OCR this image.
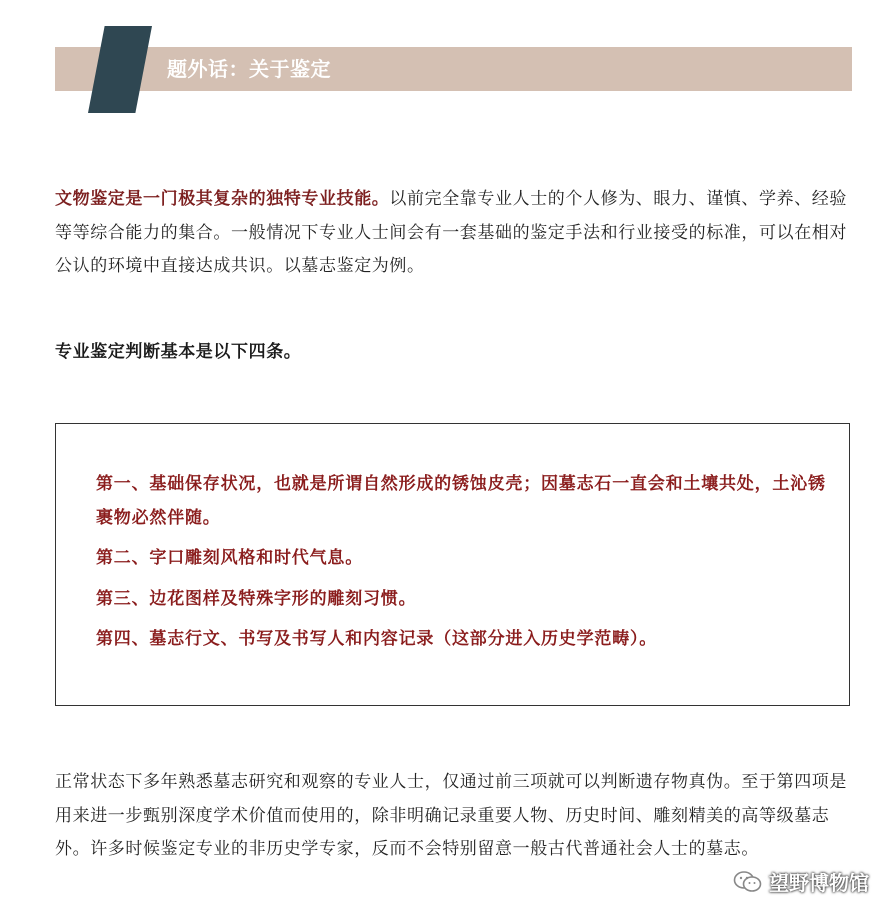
题外话：关于鉴定

文物鉴定是一门极其复杂的独特专业技能。以前完全靠专业人士的个人修为、眼力、谨慎、学养、经验等等综合能力的集合。一般情况下专业人士间会有一套基础的鉴定手法和行业接受的标准，可以在相对公认的环境中直接达成共识。以墓志鉴定为例。

专业鉴定判断基本是以下四条。

第一、基础保存状况，也就是所谓自然形成的锈蚀皮壳；因墓志石一直会和土壤共处，土沁锈裹物必然伴随。
第二、字口雕刻风格和时代气息。
第三、边花图样及特殊字形的雕刻习惯。
第四、墓志行文、书写及书写人和内容记录（这部分进入历史学范畴）。

正常状态下多年熟悉墓志研究和观察的专业人士，仅通过前三项就可以判断遗存物真伪。至于第四项是用来进一步甄别深度学术价值而使用的，除非明确记录重要人物、历史时间、雕刻精美的高等级墓志外。许多时候鉴定专业的非历史学专家，反而不会特别留意一般古代普通社会人士的墓志。

望野博物馆
